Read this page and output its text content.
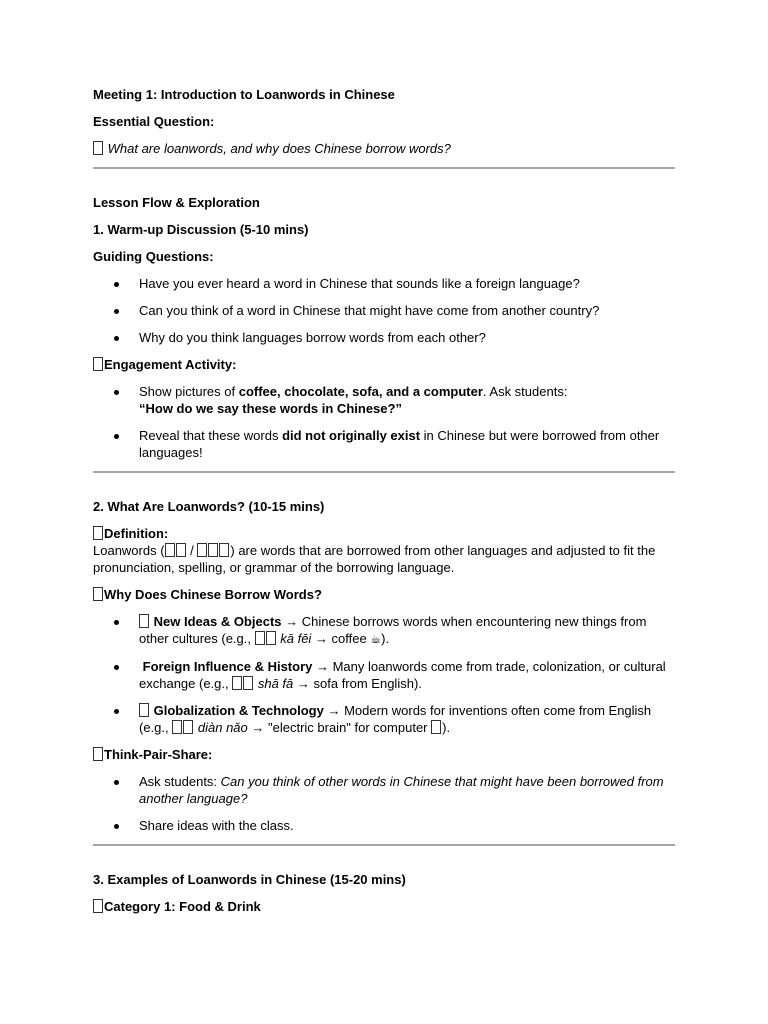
Meeting 1: Introduction to Loanwords in Chinese

Essential Question:

What are loanwords, and why does Chinese borrow words?

Lesson Flow & Exploration

1. Warm-up Discussion (5-10 mins)

Guiding Questions:

Have you ever heard a word in Chinese that sounds like a foreign language?
Can you think of a word in Chinese that might have come from another country?
Why do you think languages borrow words from each other?

Engagement Activity:

Show pictures of coffee, chocolate, sofa, and a computer. Ask students:
“How do we say these words in Chinese?”
Reveal that these words did not originally exist in Chinese but were borrowed from other languages!

2. What Are Loanwords? (10-15 mins)

Definition:
Loanwords ( /	) are words that are borrowed from other languages and adjusted to fit the pronunciation, spelling, or grammar of the borrowing language.

Why Does Chinese Borrow Words?

New Ideas & Objects → Chinese borrows words when encountering new things from other cultures (e.g.,  kā fēi → coffee ☕).
Foreign Influence & History → Many loanwords come from trade, colonization, or cultural exchange (e.g.,  shā fā → sofa from English).
Globalization & Technology → Modern words for inventions often come from English (e.g.,  diàn nǎo → "electric brain" for computer ).

Think-Pair-Share:

Ask students: Can you think of other words in Chinese that might have been borrowed from another language?
Share ideas with the class.

3. Examples of Loanwords in Chinese (15-20 mins)

Category 1: Food & Drink
